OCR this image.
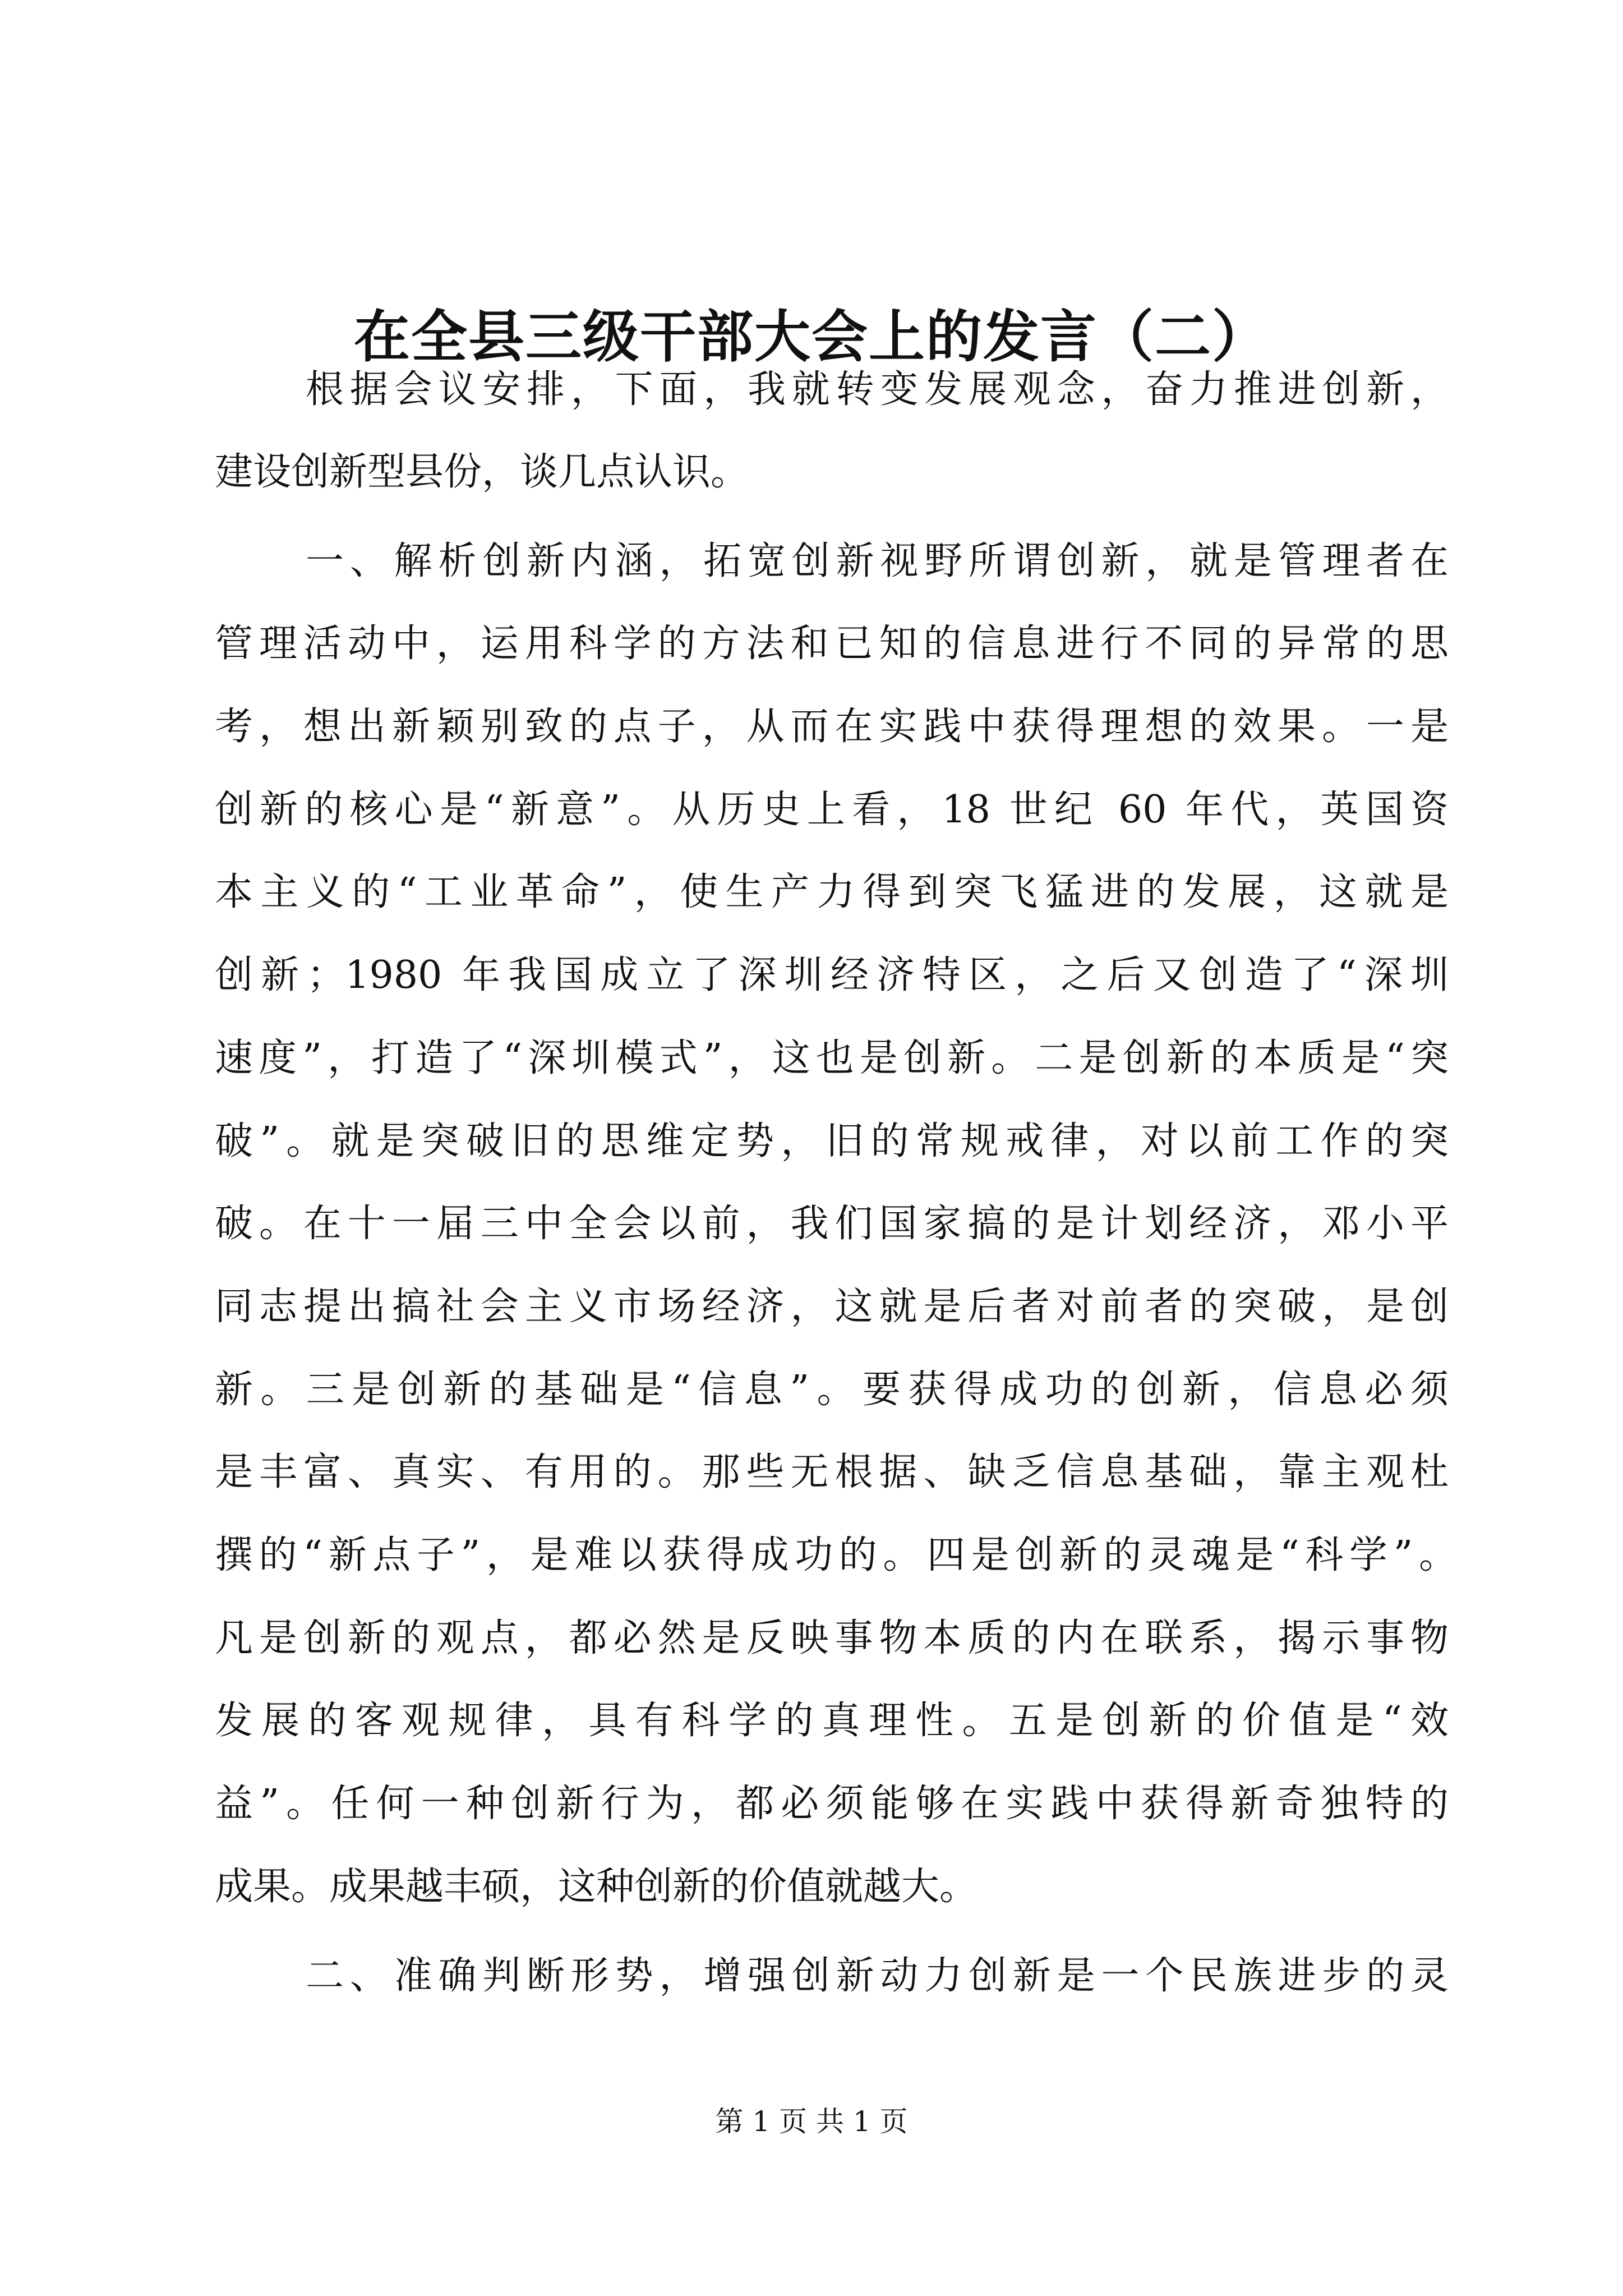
在全县三级干部大会上的发言（二）
根据会议安排，下面，我就转变发展观念，奋力推进创新，
建设创新型县份，谈几点认识。
一、解析创新内涵，拓宽创新视野所谓创新，就是管理者在
管理活动中，运用科学的方法和已知的信息进行不同的异常的思
考，想出新颖别致的点子，从而在实践中获得理想的效果。一是
创新的核心是“新意”。从历史上看，18 世纪 60 年代，英国资
本主义的“工业革命”，使生产力得到突飞猛进的发展，这就是
创新；1980 年我国成立了深圳经济特区，之后又创造了“深圳
速度”，打造了“深圳模式”，这也是创新。二是创新的本质是“突
破”。就是突破旧的思维定势，旧的常规戒律，对以前工作的突
破。在十一届三中全会以前，我们国家搞的是计划经济，邓小平
同志提出搞社会主义市场经济，这就是后者对前者的突破，是创
新。三是创新的基础是“信息”。要获得成功的创新，信息必须
是丰富、真实、有用的。那些无根据、缺乏信息基础，靠主观杜
撰的“新点子”，是难以获得成功的。四是创新的灵魂是“科学”。
凡是创新的观点，都必然是反映事物本质的内在联系，揭示事物
发展的客观规律，具有科学的真理性。五是创新的价值是“效
益”。任何一种创新行为，都必须能够在实践中获得新奇独特的
成果。成果越丰硕，这种创新的价值就越大。
二、准确判断形势，增强创新动力创新是一个民族进步的灵
第 1 页 共 1 页
